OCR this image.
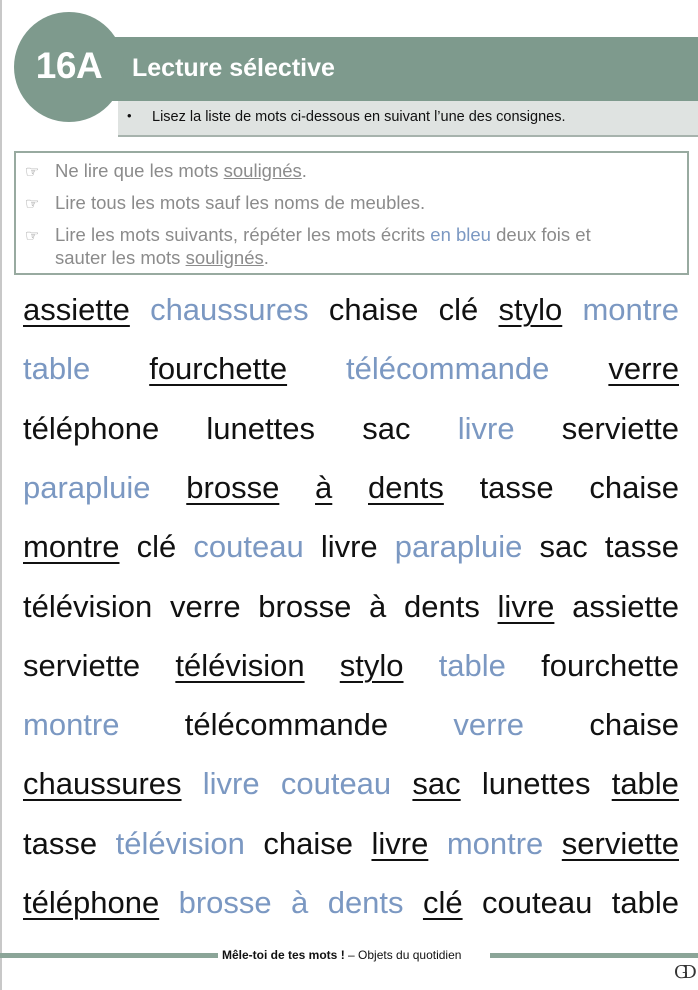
• Lisez la liste de mots ci-dessous en suivant l’une des consignes.
16A	Lecture sélective
☞ Ne lire que les mots soulignés.
☞ Lire tous les mots sauf les noms de meubles.
☞ Lire les mots suivants, répéter les mots écrits en bleu deux fois et
sauter les mots soulignés.
assiette chaussures chaise clé stylo montre
table fourchette télécommande verre
téléphone lunettes sac livre serviette
parapluie brosse à dents tasse chaise
montre clé couteau livre parapluie sac tasse
télévision verre brosse à dents livre assiette
serviette télévision stylo table fourchette
montre télécommande verre chaise
chaussures livre couteau sac lunettes table
tasse télévision chaise livre montre serviette
téléphone brosse à dents clé couteau table
Mêle-toi de tes mots ! – Objets du quotidien
GD
